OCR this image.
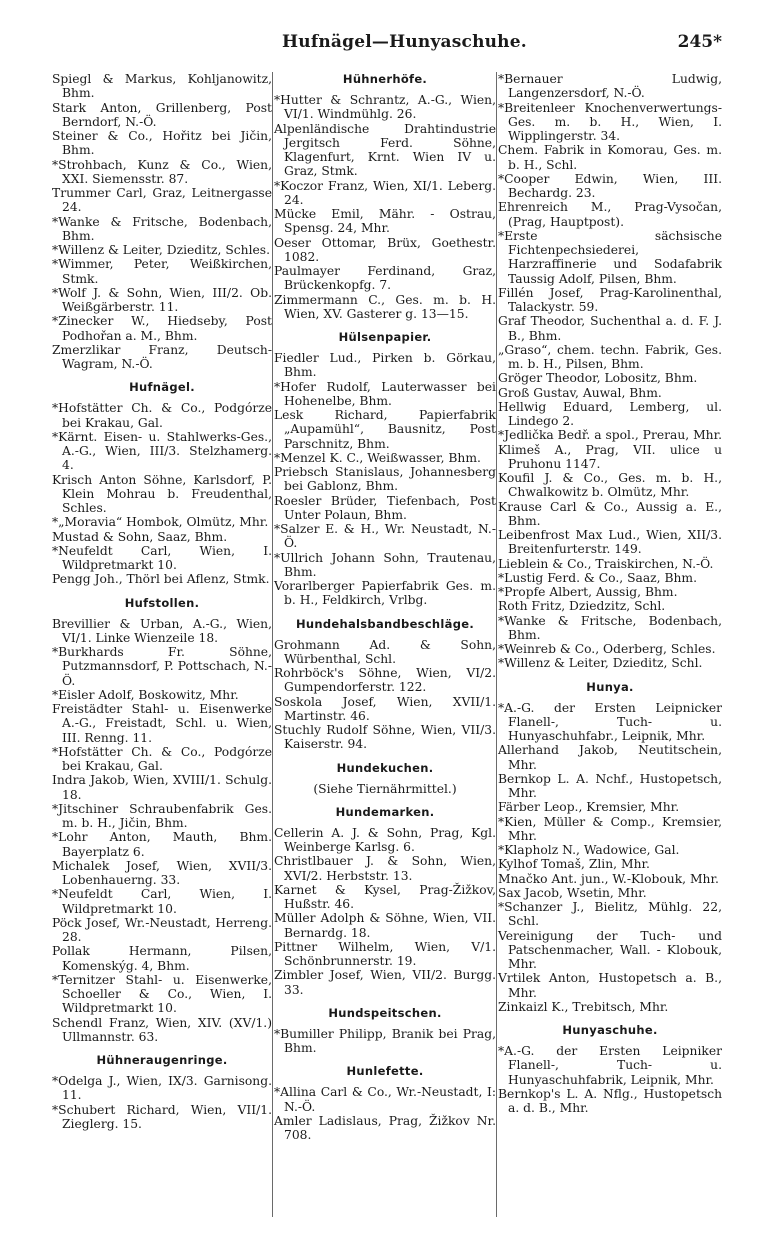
Hufnägel—Hunyaschuhe.	245*

Spiegl & Markus, Kohljanowitz, Bhm.

Stark Anton, Grillenberg, Post Berndorf, N.-Ö.

Steiner & Co., Hořitz bei Jičin, Bhm.

*Strohbach, Kunz & Co., Wien, XXI. Siemensstr. 87.

Trummer Carl, Graz, Leitnergasse 24.

*Wanke & Fritsche, Bodenbach, Bhm.

*Willenz & Leiter, Dzieditz, Schles.

*Wimmer, Peter, Weißkirchen, Stmk.

*Wolf J. & Sohn, Wien, III/2. Ob. Weißgärberstr. 11.

*Zinecker W., Hiedseby, Post Podhořan a. M., Bhm.

Zmerzlikar Franz, Deutsch-Wagram, N.-Ö.

Hufnägel.

*Hofstätter Ch. & Co., Podgórze bei Krakau, Gal.

*Kärnt. Eisen- u. Stahlwerks-Ges., A.-G., Wien, III/3. Stelzhamerg. 4.

Krisch Anton Söhne, Karlsdorf, P. Klein Mohrau b. Freudenthal, Schles.

*„Moravia“ Hombok, Olmütz, Mhr.

Mustad & Sohn, Saaz, Bhm.

*Neufeldt Carl, Wien, I. Wildpretmarkt 10.

Pengg Joh., Thörl bei Aflenz, Stmk.

Hufstollen.

Brevillier & Urban, A.-G., Wien, VI/1. Linke Wienzeile 18.

*Burkhards Fr. Söhne, Putzmannsdorf, P. Pottschach, N.-Ö.

*Eisler Adolf, Boskowitz, Mhr.

Freistädter Stahl- u. Eisenwerke A.-G., Freistadt, Schl. u. Wien, III. Renng. 11.

*Hofstätter Ch. & Co., Podgórze bei Krakau, Gal.

Indra Jakob, Wien, XVIII/1. Schulg. 18.

*Jitschiner Schraubenfabrik Ges. m. b. H., Jičin, Bhm.

*Lohr Anton, Mauth, Bhm. Bayerplatz 6.

Michalek Josef, Wien, XVII/3. Lobenhauerng. 33.

*Neufeldt Carl, Wien, I. Wildpretmarkt 10.

Pöck Josef, Wr.-Neustadt, Herreng. 28.

Pollak Hermann, Pilsen, Komenskýg. 4, Bhm.

*Ternitzer Stahl- u. Eisenwerke, Schoeller & Co., Wien, I. Wildpretmarkt 10.

Schendl Franz, Wien, XIV. (XV/1.) Ullmannstr. 63.

Hühneraugenringe.

*Odelga J., Wien, IX/3. Garnisong. 11.

*Schubert Richard, Wien, VII/1. Zieglerg. 15.

Hühnerhöfe.

*Hutter & Schrantz, A.-G., Wien, VI/1. Windmühlg. 26.

Alpenländische Drahtindustrie Jergitsch Ferd. Söhne, Klagenfurt, Krnt. Wien IV u. Graz, Stmk.

*Koczor Franz, Wien, XI/1. Leberg. 24.

Mücke Emil, Mähr. - Ostrau, Spensg. 24, Mhr.

Oeser Ottomar, Brüx, Goethestr. 1082.

Paulmayer Ferdinand, Graz, Brückenkopfg. 7.

Zimmermann C., Ges. m. b. H. Wien, XV. Gasterer g. 13—15.

Hülsenpapier.

Fiedler Lud., Pirken b. Görkau, Bhm.

*Hofer Rudolf, Lauterwasser bei Hohenelbe, Bhm.

Lesk Richard, Papierfabrik „Aupamühl“, Bausnitz, Post Parschnitz, Bhm.

*Menzel K. C., Weißwasser, Bhm.

Priebsch Stanislaus, Johannesberg bei Gablonz, Bhm.

Roesler Brüder, Tiefenbach, Post Unter Polaun, Bhm.

*Salzer E. & H., Wr. Neustadt, N.-Ö.

*Ullrich Johann Sohn, Trautenau, Bhm.

Vorarlberger Papierfabrik Ges. m. b. H., Feldkirch, Vrlbg.

Hundehalsbandbeschläge.

Grohmann Ad. & Sohn, Würbenthal, Schl.

Rohrböck's Söhne, Wien, VI/2. Gumpendorferstr. 122.

Soskola Josef, Wien, XVII/1. Martinstr. 46.

Stuchly Rudolf Söhne, Wien, VII/3. Kaiserstr. 94.

Hundekuchen.

(Siehe Tiernährmittel.)

Hundemarken.

Cellerin A. J. & Sohn, Prag, Kgl. Weinberge Karlsg. 6.

Christlbauer J. & Sohn, Wien, XVI/2. Herbststr. 13.

Karnet & Kysel, Prag-Žižkov, Hußstr. 46.

Müller Adolph & Söhne, Wien, VII. Bernardg. 18.

Pittner Wilhelm, Wien, V/1. Schönbrunnerstr. 19.

Zimbler Josef, Wien, VII/2. Burgg. 33.

Hundspeitschen.

*Bumiller Philipp, Branik bei Prag, Bhm.

Hunlefette.

*Allina Carl & Co., Wr.-Neustadt, I: N.-Ö.

Amler Ladislaus, Prag, Žižkov Nr. 708.

*Bernauer Ludwig, Langenzersdorf, N.-Ö.

*Breitenleer Knochenverwertungs-Ges. m. b. H., Wien, I. Wipplingerstr. 34.

Chem. Fabrik in Komorau, Ges. m. b. H., Schl.

*Cooper Edwin, Wien, III. Bechardg. 23.

Ehrenreich M., Prag-Vysočan, (Prag, Hauptpost).

*Erste sächsische Fichtenpechsiederei, Harzraffinerie und Sodafabrik Taussig Adolf, Pilsen, Bhm.

Fillén Josef, Prag-Karolinenthal, Talackystr. 59.

Graf Theodor, Suchenthal a. d. F. J. B., Bhm.

„Graso“, chem. techn. Fabrik, Ges. m. b. H., Pilsen, Bhm.

Gröger Theodor, Lobositz, Bhm.

Groß Gustav, Auwal, Bhm.

Hellwig Eduard, Lemberg, ul. Lindego 2.

*Jedlička Bedř. a spol., Prerau, Mhr.

Klimeš A., Prag, VII. ulice u Pruhonu 1147.

Koufil J. & Co., Ges. m. b. H., Chwalkowitz b. Olmütz, Mhr.

Krause Carl & Co., Aussig a. E., Bhm.

Leibenfrost Max Lud., Wien, XII/3. Breitenfurterstr. 149.

Lieblein & Co., Traiskirchen, N.-Ö.

*Lustig Ferd. & Co., Saaz, Bhm.

*Propfe Albert, Aussig, Bhm.

Roth Fritz, Dziedzitz, Schl.

*Wanke & Fritsche, Bodenbach, Bhm.

*Weinreb & Co., Oderberg, Schles.

*Willenz & Leiter, Dzieditz, Schl.

Hunya.

*A.-G. der Ersten Leipnicker Flanell-, Tuch- u. Hunyaschuhfabr., Leipnik, Mhr.

Allerhand Jakob, Neutitschein, Mhr.

Bernkop L. A. Nchf., Hustopetsch, Mhr.

Färber Leop., Kremsier, Mhr.

*Kien, Müller & Comp., Kremsier, Mhr.

*Klapholz N., Wadowice, Gal.

Kylhof Tomaš, Zlin, Mhr.

Mnačko Ant. jun., W.-Klobouk, Mhr.

Sax Jacob, Wsetin, Mhr.

*Schanzer J., Bielitz, Mühlg. 22, Schl.

Vereinigung der Tuch- und Patschenmacher, Wall. - Klobouk, Mhr.

Vrtilek Anton, Hustopetsch a. B., Mhr.

Zinkaizl K., Trebitsch, Mhr.

Hunyaschuhe.

*A.-G. der Ersten Leipniker Flanell-, Tuch- u. Hunyaschuhfabrik, Leipnik, Mhr.

Bernkop's L. A. Nflg., Hustopetsch a. d. B., Mhr.
